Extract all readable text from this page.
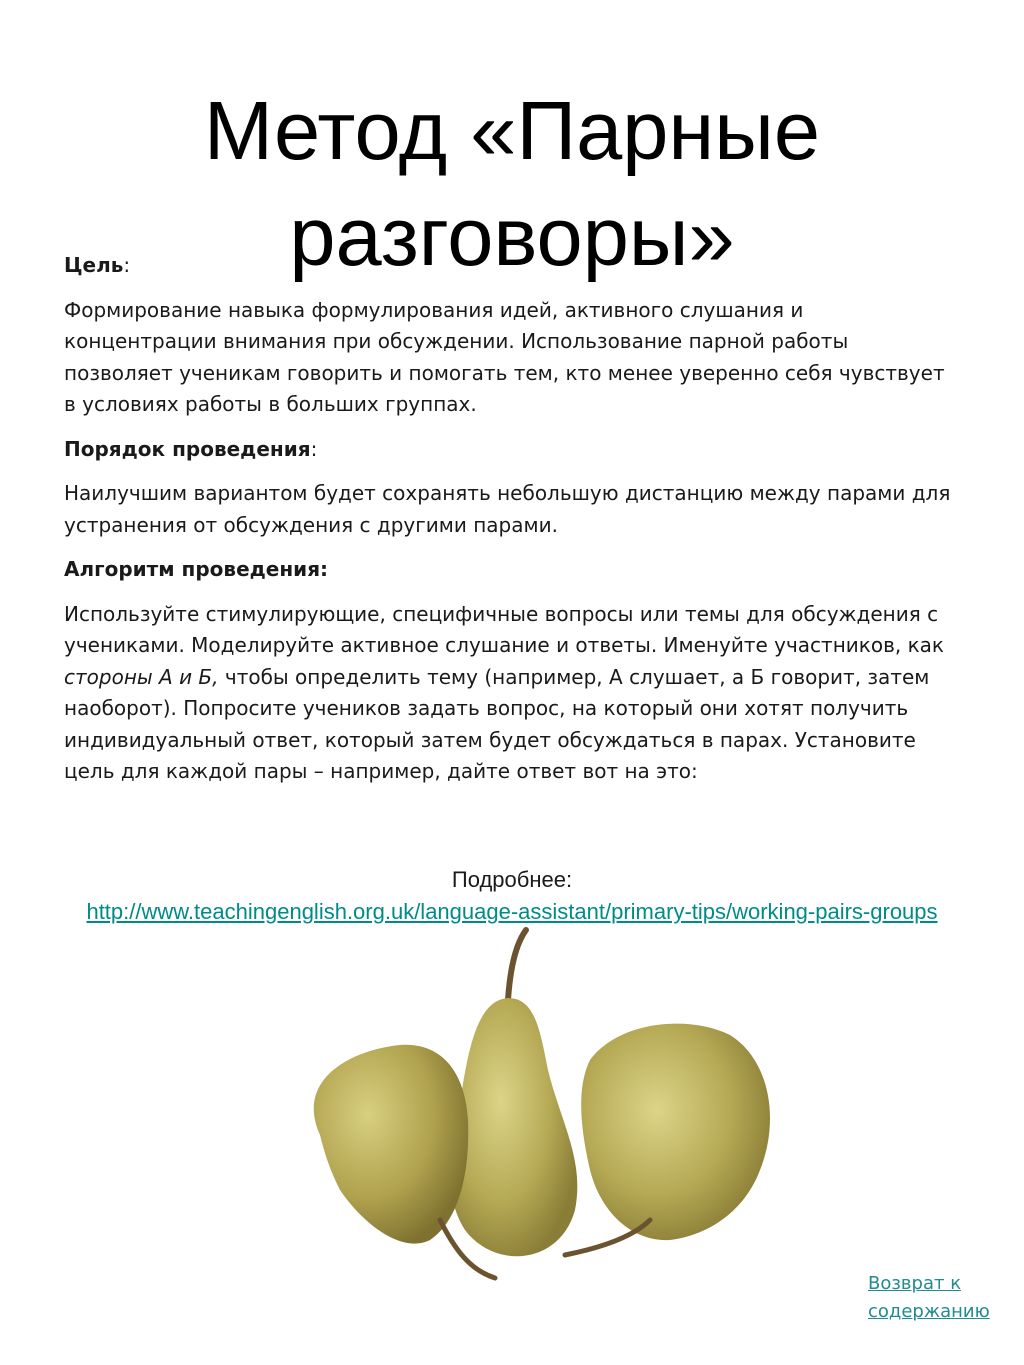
Метод «Парные
разговоры»

Цель:

Формирование навыка формулирования идей, активного слушания и концентрации внимания при обсуждении. Использование парной работы позволяет ученикам говорить и помогать тем, кто менее уверенно себя чувствует в условиях работы в больших группах.

Порядок проведения:

Наилучшим вариантом будет сохранять небольшую дистанцию между парами для устранения от обсуждения с другими парами.

Алгоритм проведения:

Используйте стимулирующие, специфичные вопросы или темы для обсуждения с учениками. Моделируйте активное слушание и ответы. Именуйте участников, как стороны А и Б, чтобы определить тему (например, А слушает, а Б говорит, затем наоборот). Попросите учеников задать вопрос, на который они хотят получить индивидуальный ответ, который затем будет обсуждаться в парах. Установите цель для каждой пары – например, дайте ответ вот на это:

Подробнее:
http://www.teachingenglish.org.uk/language-assistant/primary-tips/working-pairs-groups
Возврат к содержанию
